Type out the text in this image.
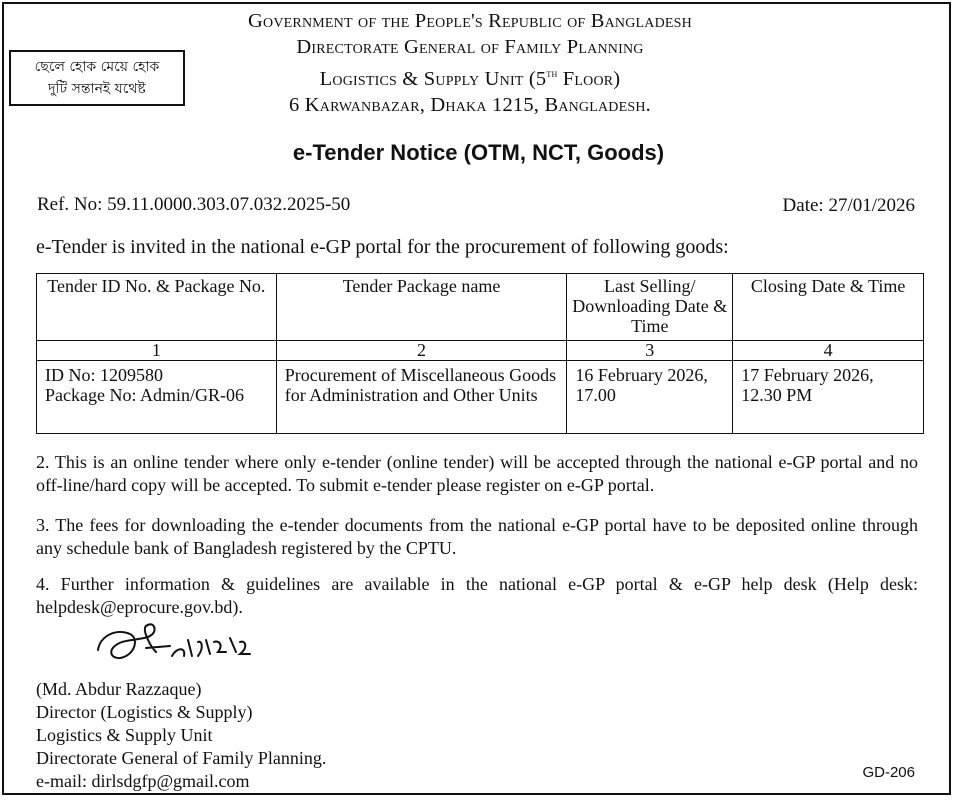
Government of the People's Republic of Bangladesh
Directorate General of Family Planning
Logistics & Supply Unit (5th Floor)
6 Karwanbazar, Dhaka 1215, Bangladesh.
ছেলে হোক মেয়ে হোক
দুটি সন্তানই যথেষ্ট
e-Tender Notice (OTM, NCT, Goods)
Ref. No: 59.11.0000.303.07.032.2025-50	Date: 27/01/2026
e-Tender is invited in the national e-GP portal for the procurement of following goods:
Tender ID No. & Package No.	Tender Package name	Last Selling/ Downloading Date & Time	Closing Date & Time
1	2	3	4

ID No: 1209580
Package No: Admin/GR-06	Procurement of Miscellaneous Goods for Administration and Other Units	16 February 2026, 17.00	17 February 2026, 12.30 PM
2. This is an online tender where only e-tender (online tender) will be accepted through the national e-GP portal and no off-line/hard copy will be accepted. To submit e-tender please register on e-GP portal.
3. The fees for downloading the e-tender documents from the national e-GP portal have to be deposited online through any schedule bank of Bangladesh registered by the CPTU.
4. Further information & guidelines are available in the national e-GP portal & e-GP help desk (Help desk: helpdesk@eprocure.gov.bd).
(Md. Abdur Razzaque)
Director (Logistics & Supply)
Logistics & Supply Unit
Directorate General of Family Planning.
e-mail: dirlsdgfp@gmail.com	GD-206
